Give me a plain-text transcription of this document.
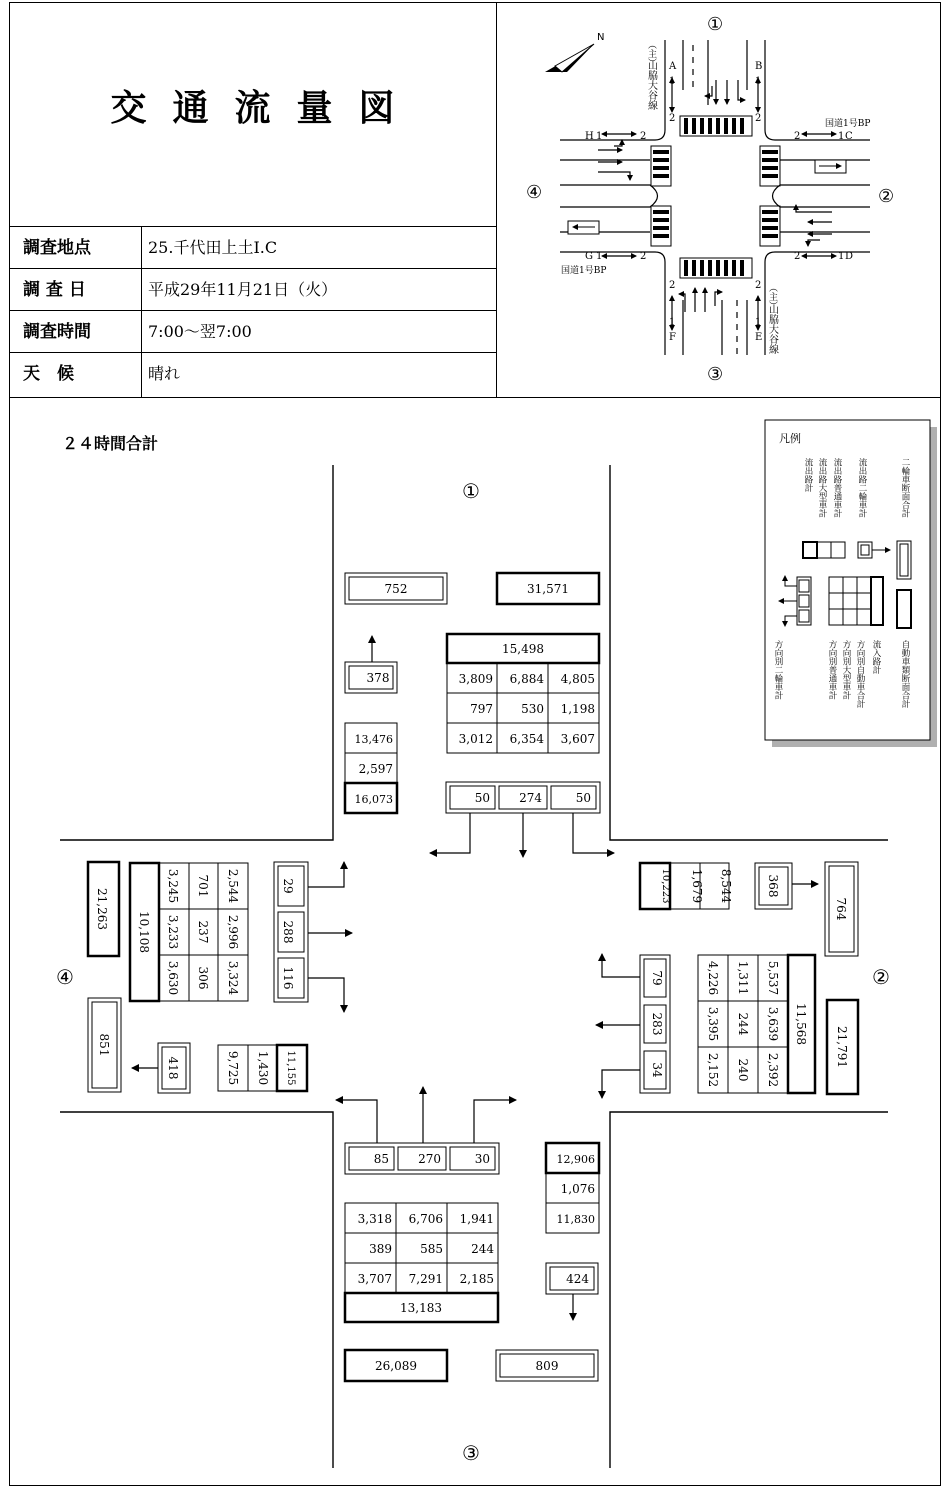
交通流量図
調査地点	25.千代田上土I.C
調 査 日	平成29年11月21日（火）
調査時間	7:00～翌7:00
天　候	晴れ
N
A	B
C
D
E
F
G
H
1
2
1
2
2
1
2
1
1	2	2	1
1	2	2	1
国道1号BP
国道1号BP
（主）
山脇大谷線
（主）
山脇大谷線
①
②
③
④
２４時間合計
①
②
③
④
752	31,571
378
15,498
3,809 6,884 4,805
797 530 1,198
3,012 6,354 3,607
13,476
2,597
16,073	50 274	50
10,223 1,679 8,544	368
764
79
283
34
4,226 1,311 5,537
3,395 244 3,639
2,152 240 2,392
11,568
21,791
85 270	30	12,906
1,076
11,830
3,318 6,706 1,941
389 585 244
3,707 7,291 2,185
13,183
424
26,089	809
21,263
10,108
3,245 701 2,544
3,233 237 2,996
3,630 306 3,324
29
288
116
851
418	9,725 1,430 11,155
凡例
流出路計 流出路大型車計 流出路普通車計 流出路二輪車計	二輪車断面合計
方向別二輪車計	方向別普通車計 方向別大型車計 方向別自動車合計 流入路計 自動車類断面合計
